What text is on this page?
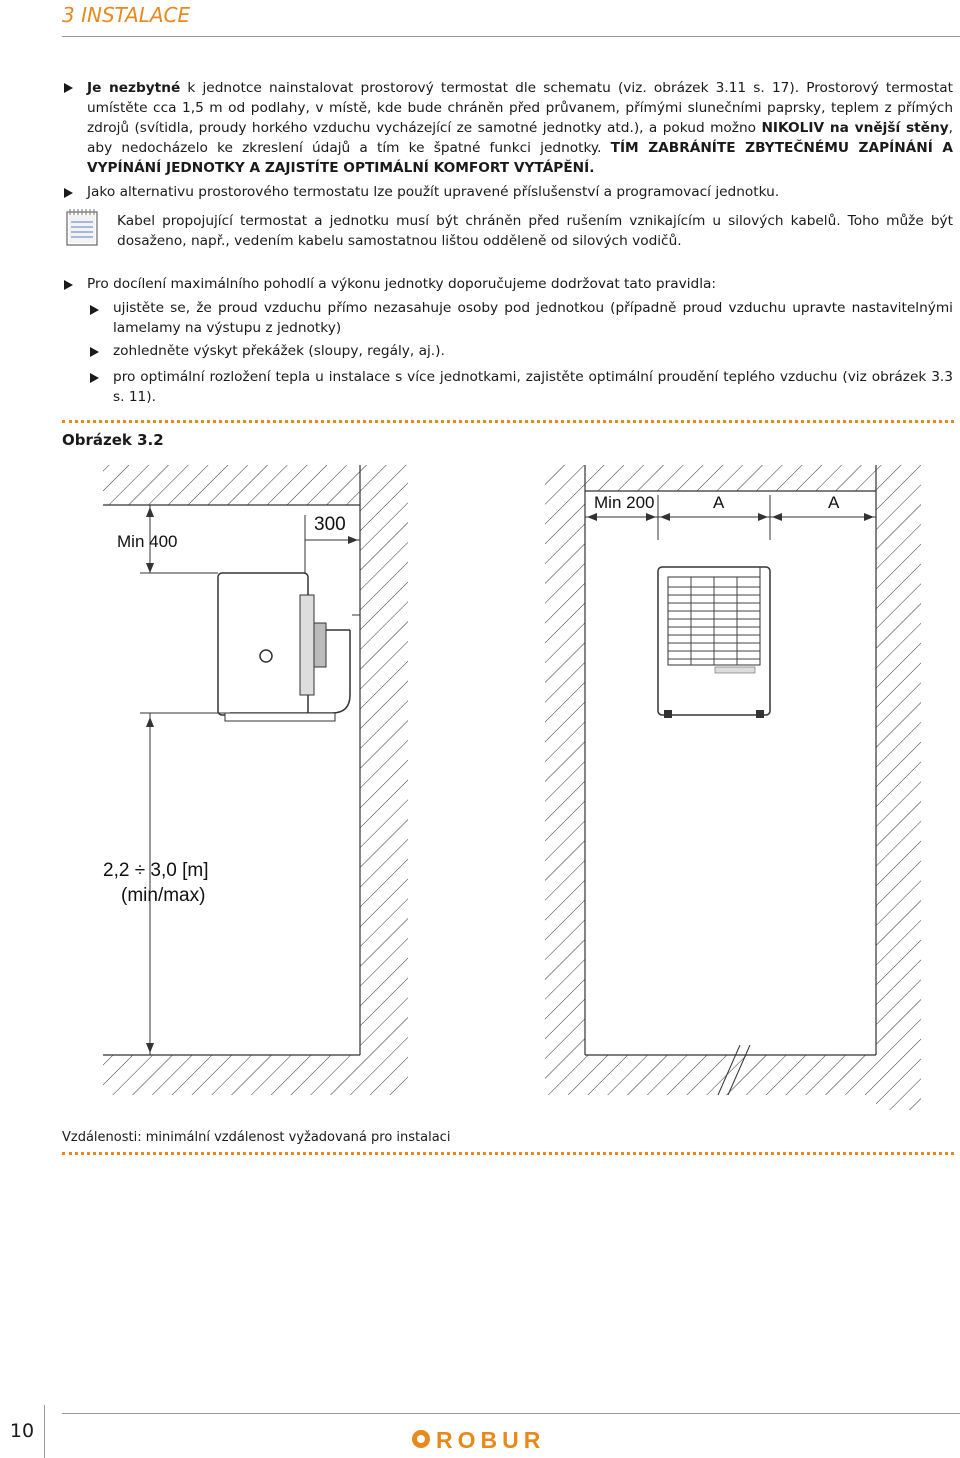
3 INSTALACE
Je nezbytné k jednotce nainstalovat prostorový termostat dle schematu (viz. obrázek 3.11 s. 17). Prostorový termostat umístěte cca 1,5 m od podlahy, v místě, kde bude chráněn před průvanem, přímými slunečními paprsky, teplem z přímých zdrojů (svítidla, proudy horkého vzduchu vycházející ze samotné jednotky atd.), a pokud možno NIKOLIV na vnější stěny, aby nedocházelo ke zkreslení údajů a tím ke špatné funkci jednotky. TÍM ZABRÁNÍTE ZBYTEČNÉMU ZAPÍNÁNÍ A VYPÍNÁNÍ JEDNOTKY A ZAJISTÍTE OPTIMÁLNÍ KOMFORT VYTÁPĚNÍ.
Jako alternativu prostorového termostatu lze použít upravené příslušenství a programovací jednotku.
Kabel propojující termostat a jednotku musí být chráněn před rušením vznikajícím u silových kabelů. Toho může být dosaženo, např., vedením kabelu samostatnou lištou odděleně od silových vodičů.
Pro docílení maximálního pohodlí a výkonu jednotky doporučujeme dodržovat tato pravidla:
ujistěte se, že proud vzduchu přímo nezasahuje osoby pod jednotkou (případně proud vzduchu upravte nastavitelnými lamelamy na výstupu z jednotky)
zohledněte výskyt překážek (sloupy, regály, aj.).
pro optimální rozložení tepla u instalace s více jednotkami, zajistěte optimální proudění teplého vzduchu (viz obrázek 3.3 s. 11).
Obrázek 3.2
Min 400
300
2,2 ÷ 3,0 [m]
(min/max)
Min 200	A	A
Vzdálenosti: minimální vzdálenost vyžadovaná pro instalaci
10	ROBUR
